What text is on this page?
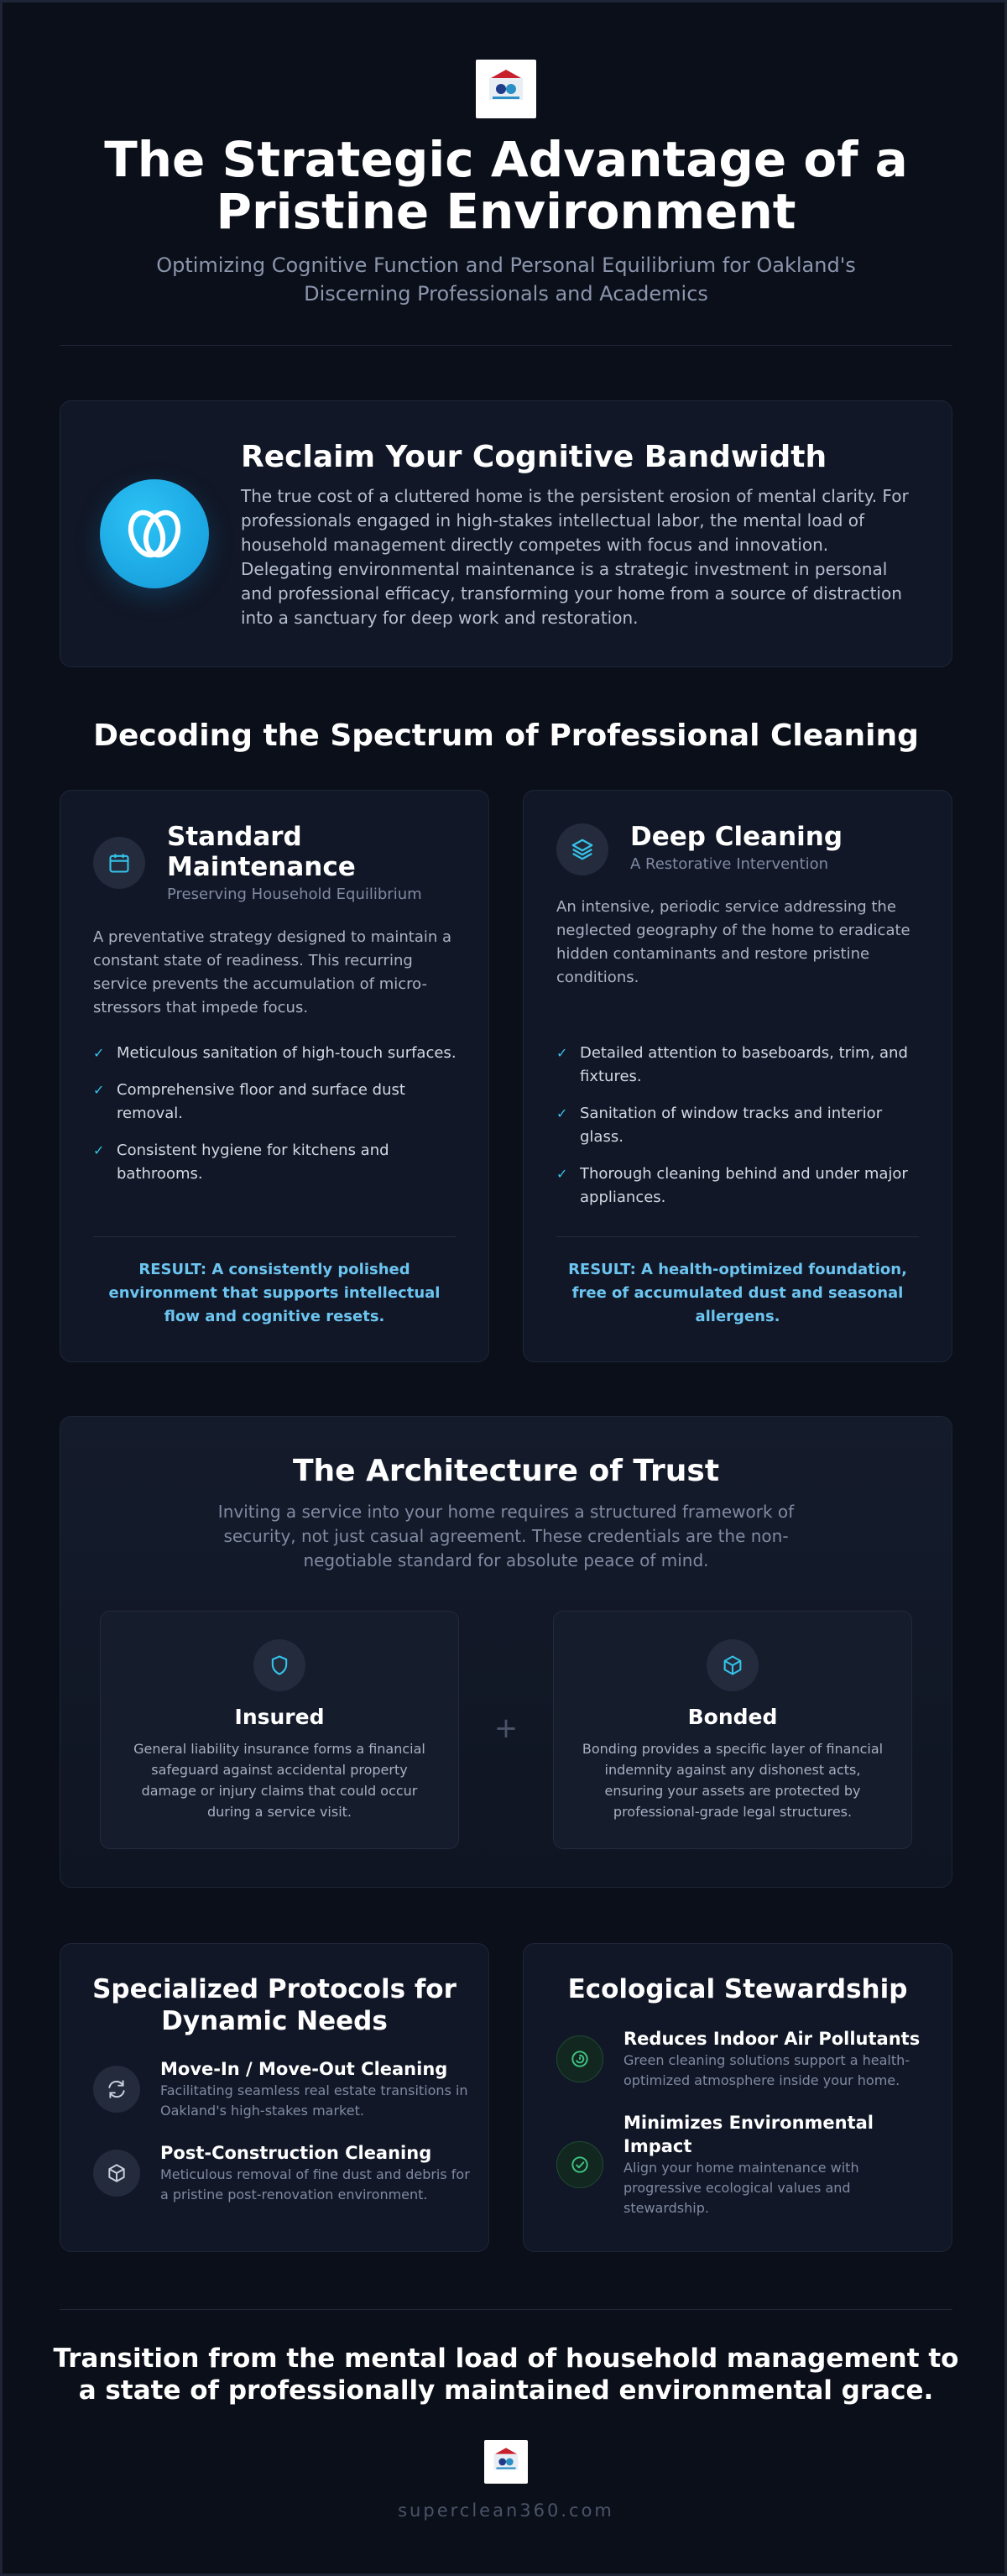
The Strategic Advantage of a Pristine Environment
Optimizing Cognitive Function and Personal Equilibrium for Oakland's Discerning Professionals and Academics
Reclaim Your Cognitive Bandwidth
The true cost of a cluttered home is the persistent erosion of mental clarity. For professionals engaged in high-stakes intellectual labor, the mental load of household management directly competes with focus and innovation. Delegating environmental maintenance is a strategic investment in personal and professional efficacy, transforming your home from a source of distraction into a sanctuary for deep work and restoration.
Decoding the Spectrum of Professional Cleaning
Standard Maintenance
Preserving Household Equilibrium
A preventative strategy designed to maintain a constant state of readiness. This recurring service prevents the accumulation of micro-stressors that impede focus.
✓ Meticulous sanitation of high-touch surfaces.
✓ Comprehensive floor and surface dust removal.
✓ Consistent hygiene for kitchens and bathrooms.
RESULT: A consistently polished environment that supports intellectual flow and cognitive resets.
Deep Cleaning
A Restorative Intervention
An intensive, periodic service addressing the neglected geography of the home to eradicate hidden contaminants and restore pristine conditions.
✓ Detailed attention to baseboards, trim, and fixtures.
✓ Sanitation of window tracks and interior glass.
✓ Thorough cleaning behind and under major appliances.
RESULT: A health-optimized foundation, free of accumulated dust and seasonal allergens.
The Architecture of Trust
Inviting a service into your home requires a structured framework of security, not just casual agreement. These credentials are the non-negotiable standard for absolute peace of mind.
Insured
General liability insurance forms a financial safeguard against accidental property damage or injury claims that could occur during a service visit.
+	Bonded
Bonding provides a specific layer of financial indemnity against any dishonest acts, ensuring your assets are protected by professional-grade legal structures.
Specialized Protocols for Dynamic Needs
Move-In / Move-Out Cleaning
Facilitating seamless real estate transitions in Oakland's high-stakes market.
Post-Construction Cleaning
Meticulous removal of fine dust and debris for a pristine post-renovation environment.
Ecological Stewardship
Reduces Indoor Air Pollutants
Green cleaning solutions support a health-optimized atmosphere inside your home.
Minimizes Environmental Impact
Align your home maintenance with progressive ecological values and stewardship.
Transition from the mental load of household management to a state of professionally maintained environmental grace.
superclean360.com
